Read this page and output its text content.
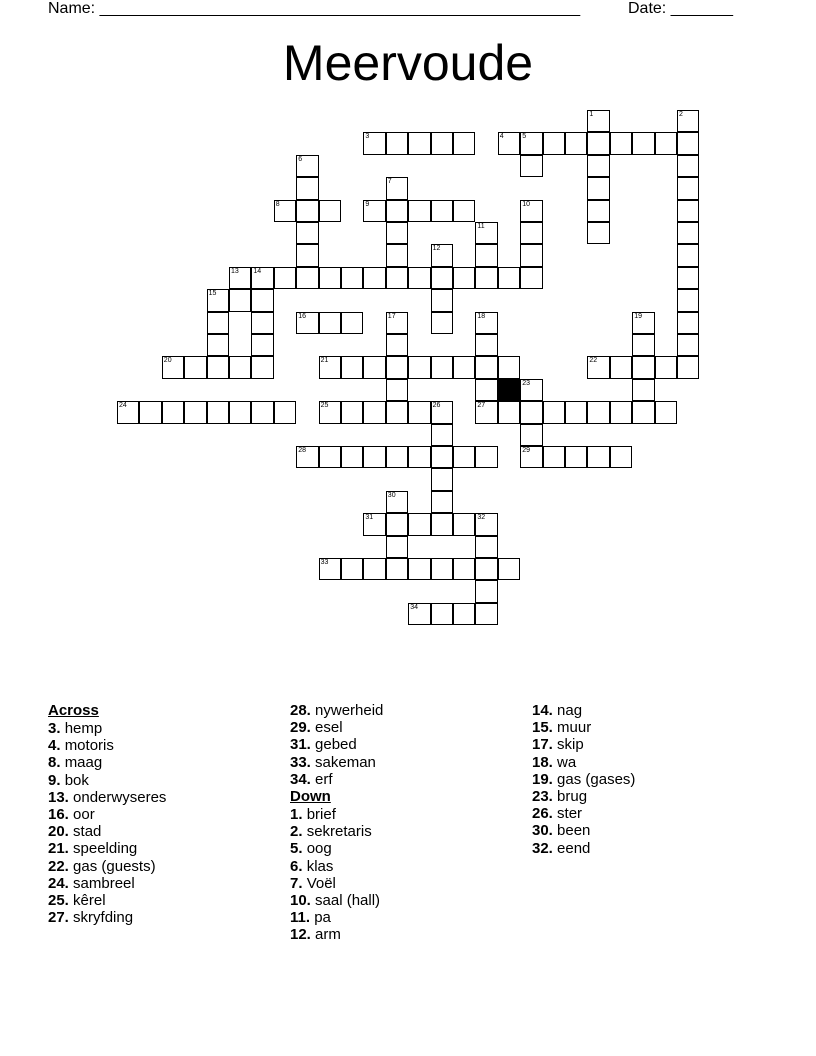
Name: ______________________________________________________	Date: _______
Meervoude
1	2
3	4	5
6
7
8	9	10
11
12
13 14
15
16	17	18	19
20	21	22
23
24	25	26	27
28	29
30
31	32
33
34
Across
3. hemp
4. motoris
8. maag
9. bok
13. onderwyseres
16. oor
20. stad
21. speelding
22. gas (guests)
24. sambreel
25. kêrel
27. skryfding
28. nywerheid
29. esel
31. gebed
33. sakeman
34. erf
Down
1. brief
2. sekretaris
5. oog
6. klas
7. Voël
10. saal (hall)
11. pa
12. arm
14. nag
15. muur
17. skip
18. wa
19. gas (gases)
23. brug
26. ster
30. been
32. eend
